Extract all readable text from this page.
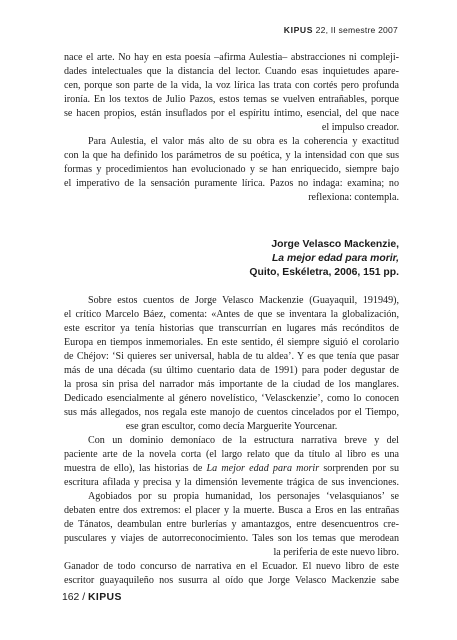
KIPUS 22, II semestre 2007
nace el arte. No hay en esta poesía –afirma Aulestia– abstracciones ni compleji-
dades intelectuales que la distancia del lector. Cuando esas inquietudes apare-
cen, porque son parte de la vida, la voz lírica las trata con cortés pero profunda
ironía. En los textos de Julio Pazos, estos temas se vuelven entrañables, porque
se hacen propios, están insuflados por el espíritu íntimo, esencial, del que nace
el impulso creador.
Para Aulestia, el valor más alto de su obra es la coherencia y exactitud
con la que ha definido los parámetros de su poética, y la intensidad con que sus
formas y procedimientos han evolucionado y se han enriquecido, siempre bajo
el imperativo de la sensación puramente lírica. Pazos no indaga: examina; no
reflexiona: contempla.
Jorge Velasco Mackenzie,
La mejor edad para morir,
Quito, Eskéletra, 2006, 151 pp.
Sobre estos cuentos de Jorge Velasco Mackenzie (Guayaquil, 191949),
el crítico Marcelo Báez, comenta: «Antes de que se inventara la globalización,
este escritor ya tenía historias que transcurrían en lugares más recónditos de
Europa en tiempos inmemoriales. En este sentido, él siempre siguió el corolario
de Chéjov: ‘Si quieres ser universal, habla de tu aldea’. Y es que tenía que pasar
más de una década (su último cuentario data de 1991) para poder degustar de
la prosa sin prisa del narrador más importante de la ciudad de los manglares.
Dedicado esencialmente al género novelístico, ‘Velasckenzie’, como lo conocen
sus más allegados, nos regala este manojo de cuentos cincelados por el Tiempo,
ese gran escultor, como decía Marguerite Yourcenar.
Con un dominio demoníaco de la estructura narrativa breve y del
paciente arte de la novela corta (el largo relato que da título al libro es una
muestra de ello), las historias de La mejor edad para morir sorprenden por su
escritura afilada y precisa y la dimensión levemente trágica de sus invenciones.
Agobiados por su propia humanidad, los personajes ‘velasquianos’ se
debaten entre dos extremos: el placer y la muerte. Busca a Eros en las entrañas
de Tánatos, deambulan entre burlerías y amantazgos, entre desencuentros cre-
pusculares y viajes de autorreconocimiento. Tales son los temas que merodean
la periferia de este nuevo libro.
Ganador de todo concurso de narrativa en el Ecuador. El nuevo libro de este
escritor guayaquileño nos susurra al oído que Jorge Velasco Mackenzie sabe
162 / KIPUS
